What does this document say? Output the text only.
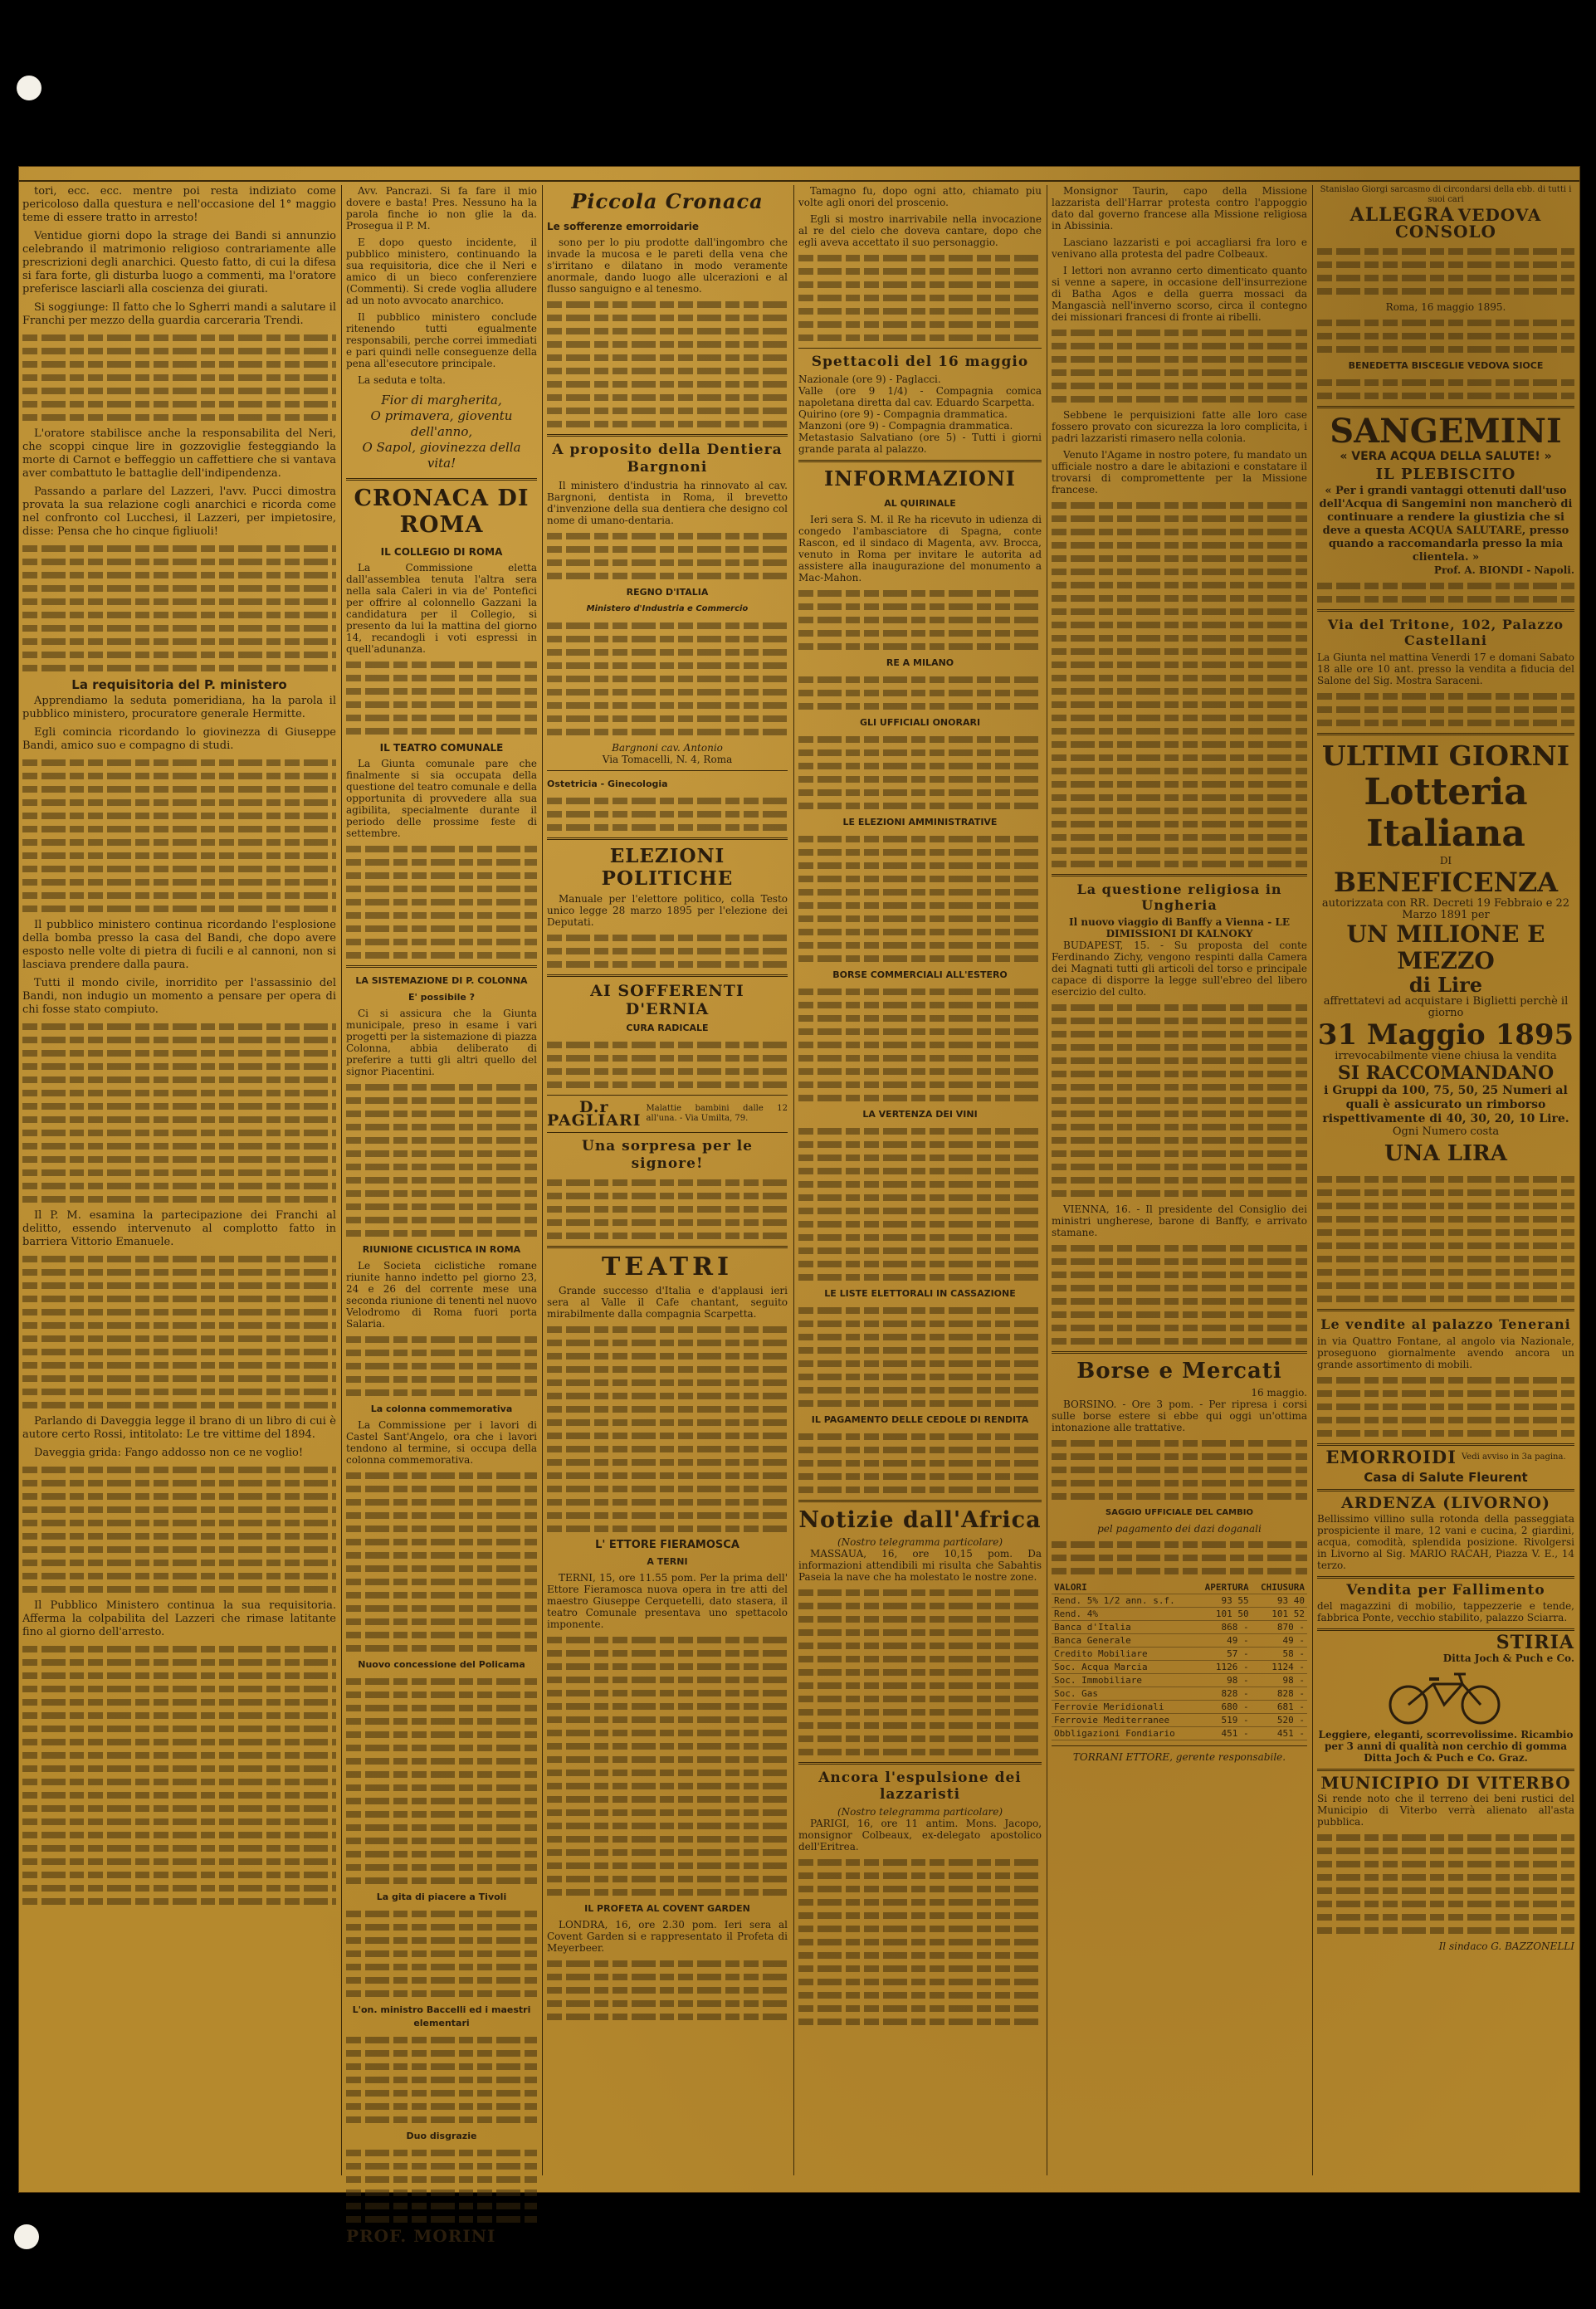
tori, ecc. ecc. mentre poi resta indiziato come pericoloso dalla questura e nell'occasione del 1° maggio teme di essere tratto in arresto!

Ventidue giorni dopo la strage dei Bandi si annunzio celebrando il matrimonio religioso contrariamente alle prescrizioni degli anarchici. Questo fatto, di cui la difesa si fara forte, gli disturba luogo a commenti, ma l'oratore preferisce lasciarli alla coscienza dei giurati.

Si soggiunge: Il fatto che lo Sgherri mandi a salutare il Franchi per mezzo della guardia carceraria Trendi.

L'oratore stabilisce anche la responsabilita del Neri, che scoppi cinque lire in gozzoviglie festeggiando la morte di Carnot e beffeggio un caffettiere che si vantava aver combattuto le battaglie dell'indipendenza.

Passando a parlare del Lazzeri, l'avv. Pucci dimostra provata la sua relazione cogli anarchici e ricorda come nel confronto col Lucchesi, il Lazzeri, per impietosire, disse: Pensa che ho cinque figliuoli!

La requisitoria del P. ministero

Apprendiamo la seduta pomeridiana, ha la parola il pubblico ministero, procuratore generale Hermitte.

Egli comincia ricordando lo giovinezza di Giuseppe Bandi, amico suo e compagno di studi.

Il pubblico ministero continua ricordando l'esplosione della bomba presso la casa del Bandi, che dopo avere esposto nelle volte di pietra di fucili e al cannoni, non si lasciava prendere dalla paura.

Tutti il mondo civile, inorridito per l'assassinio del Bandi, non indugio un momento a pensare per opera di chi fosse stato compiuto.

Il P. M. esamina la partecipazione dei Franchi al delitto, essendo intervenuto al complotto fatto in barriera Vittorio Emanuele.

Parlando di Daveggia legge il brano di un libro di cui è autore certo Rossi, intitolato: Le tre vittime del 1894.

Daveggia grida: Fango addosso non ce ne voglio!

Il Pubblico Ministero continua la sua requisitoria. Afferma la colpabilita del Lazzeri che rimase latitante fino al giorno dell'arresto.

Avv. Pancrazi. Si fa fare il mio dovere e basta! Pres. Nessuno ha la parola finche io non glie la da. Prosegua il P. M.

E dopo questo incidente, il pubblico ministero, continuando la sua requisitoria, dice che il Neri e amico di un bieco conferenziere (Commenti). Si crede voglia alludere ad un noto avvocato anarchico.

Il pubblico ministero conclude ritenendo tutti egualmente responsabili, perche correi immediati e pari quindi nelle conseguenze della pena all'esecutore principale.

La seduta e tolta.

Fior di margherita,
O primavera, gioventu dell'anno,
O Sapol, giovinezza della vita!
CRONACA DI ROMA
IL COLLEGIO DI ROMA

La Commissione eletta dall'assemblea tenuta l'altra sera nella sala Caleri in via de' Pontefici per offrire al colonnello Gazzani la candidatura per il Collegio, si presento da lui la mattina del giorno 14, recandogli i voti espressi in quell'adunanza.

IL TEATRO COMUNALE

La Giunta comunale pare che finalmente si sia occupata della questione del teatro comunale e della opportunita di provvedere alla sua agibilita, specialmente durante il periodo delle prossime feste di settembre.

LA SISTEMAZIONE DI P. COLONNA
E' possibile ?

Ci si assicura che la Giunta municipale, preso in esame i vari progetti per la sistemazione di piazza Colonna, abbia deliberato di preferire a tutti gli altri quello del signor Piacentini.

RIUNIONE CICLISTICA IN ROMA

Le Societa ciclistiche romane riunite hanno indetto pel giorno 23, 24 e 26 del corrente mese una seconda riunione di tenenti nel nuovo Velodromo di Roma fuori porta Salaria.

La colonna commemorativa

La Commissione per i lavori di Castel Sant'Angelo, ora che i lavori tendono al termine, si occupa della colonna commemorativa.

Nuovo concessione del Policama
La gita di piacere a Tivoli
L'on. ministro Baccelli ed i maestri elementari
Duo disgrazie
PROF. MORINI
Piccola Cronaca
Le sofferenze emorroidarie

sono per lo piu prodotte dall'ingombro che invade la mucosa e le pareti della vena che s'irritano e dilatano in modo veramente anormale, dando luogo alle ulcerazioni e al flusso sanguigno e al tenesmo.

A proposito della Dentiera Bargnoni

Il ministero d'industria ha rinnovato al cav. Bargnoni, dentista in Roma, il brevetto d'invenzione della sua dentiera che designo col nome di umano-dentaria.

REGNO D'ITALIA
Ministero d'Industria e Commercio
Bargnoni cav. Antonio
Via Tomacelli, N. 4, Roma
Ostetricia - Ginecologia
ELEZIONI POLITICHE

Manuale per l'elettore politico, colla Testo unico legge 28 marzo 1895 per l'elezione dei Deputati.

AI SOFFERENTI D'ERNIA
CURA RADICALE
D.r PAGLIARI
Malattie bambini dalle 12 all'una. - Via Umilta, 79.
Una sorpresa per le signore!
TEATRI

Grande successo d'Italia e d'applausi ieri sera al Valle il Cafe chantant, seguito mirabilmente dalla compagnia Scarpetta.

L' ETTORE FIERAMOSCA
A TERNI

TERNI, 15, ore 11.55 pom. Per la prima dell' Ettore Fieramosca nuova opera in tre atti del maestro Giuseppe Cerquetelli, dato stasera, il teatro Comunale presentava uno spettacolo imponente.

IL PROFETA AL COVENT GARDEN

LONDRA, 16, ore 2.30 pom. Ieri sera al Covent Garden si e rappresentato il Profeta di Meyerbeer.

Tamagno fu, dopo ogni atto, chiamato piu volte agli onori del proscenio.

Egli si mostro inarrivabile nella invocazione al re del cielo che doveva cantare, dopo che egli aveva accettato il suo personaggio.

Spettacoli del 16 maggio
Nazionale (ore 9) - Paglacci.
Valle (ore 9 1/4) - Compagnia comica napoletana diretta dal cav. Eduardo Scarpetta.
Quirino (ore 9) - Compagnia drammatica.
Manzoni (ore 9) - Compagnia drammatica.
Metastasio Salvatiano (ore 5) - Tutti i giorni grande parata al palazzo.
INFORMAZIONI
AL QUIRINALE

Ieri sera S. M. il Re ha ricevuto in udienza di congedo l'ambasciatore di Spagna, conte Rascon, ed il sindaco di Magenta, avv. Brocca, venuto in Roma per invitare le autorita ad assistere alla inaugurazione del monumento a Mac-Mahon.

RE A MILANO
GLI UFFICIALI ONORARI
LE ELEZIONI AMMINISTRATIVE
BORSE COMMERCIALI ALL'ESTERO
LA VERTENZA DEI VINI
LE LISTE ELETTORALI IN CASSAZIONE
IL PAGAMENTO DELLE CEDOLE DI RENDITA
Notizie dall'Africa
(Nostro telegramma particolare)

MASSAUA, 16, ore 10,15 pom. Da informazioni attendibili mi risulta che Sabahtis Paseia la nave che ha molestato le nostre zone.

Ancora l'espulsione dei lazzaristi
(Nostro telegramma particolare)

PARIGI, 16, ore 11 antim. Mons. Jacopo, monsignor Colbeaux, ex-delegato apostolico dell'Eritrea.

Monsignor Taurin, capo della Missione lazzarista dell'Harrar protesta contro l'appoggio dato dal governo francese alla Missione religiosa in Abissinia.

Lasciano lazzaristi e poi accagliarsi fra loro e venivano alla protesta del padre Colbeaux.

I lettori non avranno certo dimenticato quanto si venne a sapere, in occasione dell'insurrezione di Batha Agos e della guerra mossaci da Mangascià nell'inverno scorso, circa il contegno dei missionari francesi di fronte ai ribelli.

Sebbene le perquisizioni fatte alle loro case fossero provato con sicurezza la loro complicita, i padri lazzaristi rimasero nella colonia.

Venuto l'Agame in nostro potere, fu mandato un ufficiale nostro a dare le abitazioni e constatare il trovarsi di compromettente per la Missione francese.

La questione religiosa in Ungheria
Il nuovo viaggio di Banffy a Vienna - LE DIMISSIONI DI KALNOKY

BUDAPEST, 15. - Su proposta del conte Ferdinando Zichy, vengono respinti dalla Camera dei Magnati tutti gli articoli del torso e principale capace di disporre la legge sull'ebreo del libero esercizio del culto.

VIENNA, 16. - Il presidente del Consiglio dei ministri ungherese, barone di Banffy, e arrivato stamane.

Borse e Mercati
16 maggio.

BORSINO. - Ore 3 pom. - Per ripresa i corsi sulle borse estere si ebbe qui oggi un'ottima intonazione alle trattative.

SAGGIO UFFICIALE DEL CAMBIO
pel pagamento dei dazi doganali
VALORI	APERTURA	CHIUSURA
Rend. 5% 1/2 ann. s.f.	93 55	93 40
Rend. 4%	101 50	101 52
Banca d'Italia	868 -	870 -
Banca Generale	49 -	49 -
Credito Mobiliare	57 -	58 -
Soc. Acqua Marcia	1126 -	1124 -
Soc. Immobiliare	98 -	98 -
Soc. Gas	828 -	828 -
Ferrovie Meridionali	680 -	681 -
Ferrovie Mediterranee	519 -	520 -
Obbligazioni Fondiario	451 -	451 -
TORRANI ETTORE, gerente responsabile.
Stanislao Giorgi sarcasmo di circondarsi della ebb. di tutti i suoi cari
ALLEGRA VEDOVA CONSOLO
Roma, 16 maggio 1895.
BENEDETTA BISCEGLIE VEDOVA SIOCE
SANGEMINI
« VERA ACQUA DELLA SALUTE! »
IL PLEBISCITO
« Per i grandi vantaggi ottenuti dall'uso dell'Acqua di Sangemini non mancherò di continuare a rendere la giustizia che si deve a questa ACQUA SALUTARE, presso quando a raccomandarla presso la mia clientela. »
Prof. A. BIONDI - Napoli.
Via del Tritone, 102, Palazzo Castellani
La Giunta nel mattina Venerdi 17 e domani Sabato 18 alle ore 10 ant. presso la vendita a fiducia del Salone del Sig. Mostra Saraceni.
ULTIMI GIORNI
Lotteria Italiana
DI
BENEFICENZA
autorizzata con RR. Decreti 19 Febbraio e 22 Marzo 1891 per
UN MILIONE E MEZZO
di Lire
affrettatevi ad acquistare i Biglietti perchè il giorno
31 Maggio 1895
irrevocabilmente viene chiusa la vendita
SI RACCOMANDANO
i Gruppi da 100, 75, 50, 25 Numeri al quali è assicurato un rimborso rispettivamente di 40, 30, 20, 10 Lire.
Ogni Numero costa
UNA LIRA
Le vendite al palazzo Tenerani
in via Quattro Fontane, al angolo via Nazionale, proseguono giornalmente avendo ancora un grande assortimento di mobili.
EMORROIDI Vedi avviso in 3a pagina.
Casa di Salute Fleurent
ARDENZA (LIVORNO)
Bellissimo villino sulla rotonda della passeggiata prospiciente il mare, 12 vani e cucina, 2 giardini, acqua, comodità, splendida posizione. Rivolgersi in Livorno al Sig. MARIO RACAH, Piazza V. E., 14 terzo.
Vendita per Fallimento
del magazzini di mobilio, tappezzerie e tende, fabbrica Ponte, vecchio stabilito, palazzo Sciarra.
STIRIA
Ditta Joch & Puch e Co.
Leggiere, eleganti, scorrevolissime. Ricambio per 3 anni di qualità non cerchio di gomma Ditta Joch & Puch e Co. Graz.
MUNICIPIO DI VITERBO
Si rende noto che il terreno dei beni rustici del Municipio di Viterbo verrà alienato all'asta pubblica.
Il sindaco G. BAZZONELLI
